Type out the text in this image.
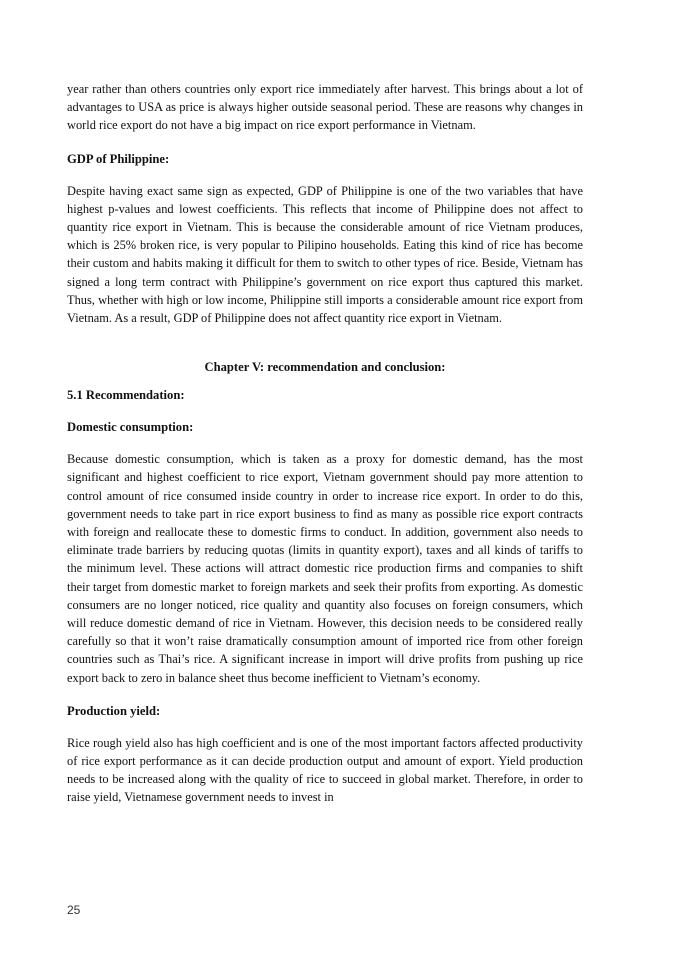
year rather than others countries only export rice immediately after harvest. This brings about a lot of advantages to USA as price is always higher outside seasonal period. These are reasons why changes in world rice export do not have a big impact on rice export performance in Vietnam.

GDP of Philippine:

Despite having exact same sign as expected, GDP of Philippine is one of the two variables that have highest p-values and lowest coefficients. This reflects that income of Philippine does not affect to quantity rice export in Vietnam. This is because the considerable amount of rice Vietnam produces, which is 25% broken rice, is very popular to Pilipino households. Eating this kind of rice has become their custom and habits making it difficult for them to switch to other types of rice. Beside, Vietnam has signed a long term contract with Philippine’s government on rice export thus captured this market. Thus, whether with high or low income, Philippine still imports a considerable amount rice export from Vietnam. As a result, GDP of Philippine does not affect quantity rice export in Vietnam.

Chapter V: recommendation and conclusion:
5.1 Recommendation:
Domestic consumption:

Because domestic consumption, which is taken as a proxy for domestic demand, has the most significant and highest coefficient to rice export, Vietnam government should pay more attention to control amount of rice consumed inside country in order to increase rice export. In order to do this, government needs to take part in rice export business to find as many as possible rice export contracts with foreign and reallocate these to domestic firms to conduct. In addition, government also needs to eliminate trade barriers by reducing quotas (limits in quantity export), taxes and all kinds of tariffs to the minimum level. These actions will attract domestic rice production firms and companies to shift their target from domestic market to foreign markets and seek their profits from exporting. As domestic consumers are no longer noticed, rice quality and quantity also focuses on foreign consumers, which will reduce domestic demand of rice in Vietnam. However, this decision needs to be considered really carefully so that it won’t raise dramatically consumption amount of imported rice from other foreign countries such as Thai’s rice. A significant increase in import will drive profits from pushing up rice export back to zero in balance sheet thus become inefficient to Vietnam’s economy.

Production yield:

Rice rough yield also has high coefficient and is one of the most important factors affected productivity of rice export performance as it can decide production output and amount of export. Yield production needs to be increased along with the quality of rice to succeed in global market. Therefore, in order to raise yield, Vietnamese government needs to invest in

25
